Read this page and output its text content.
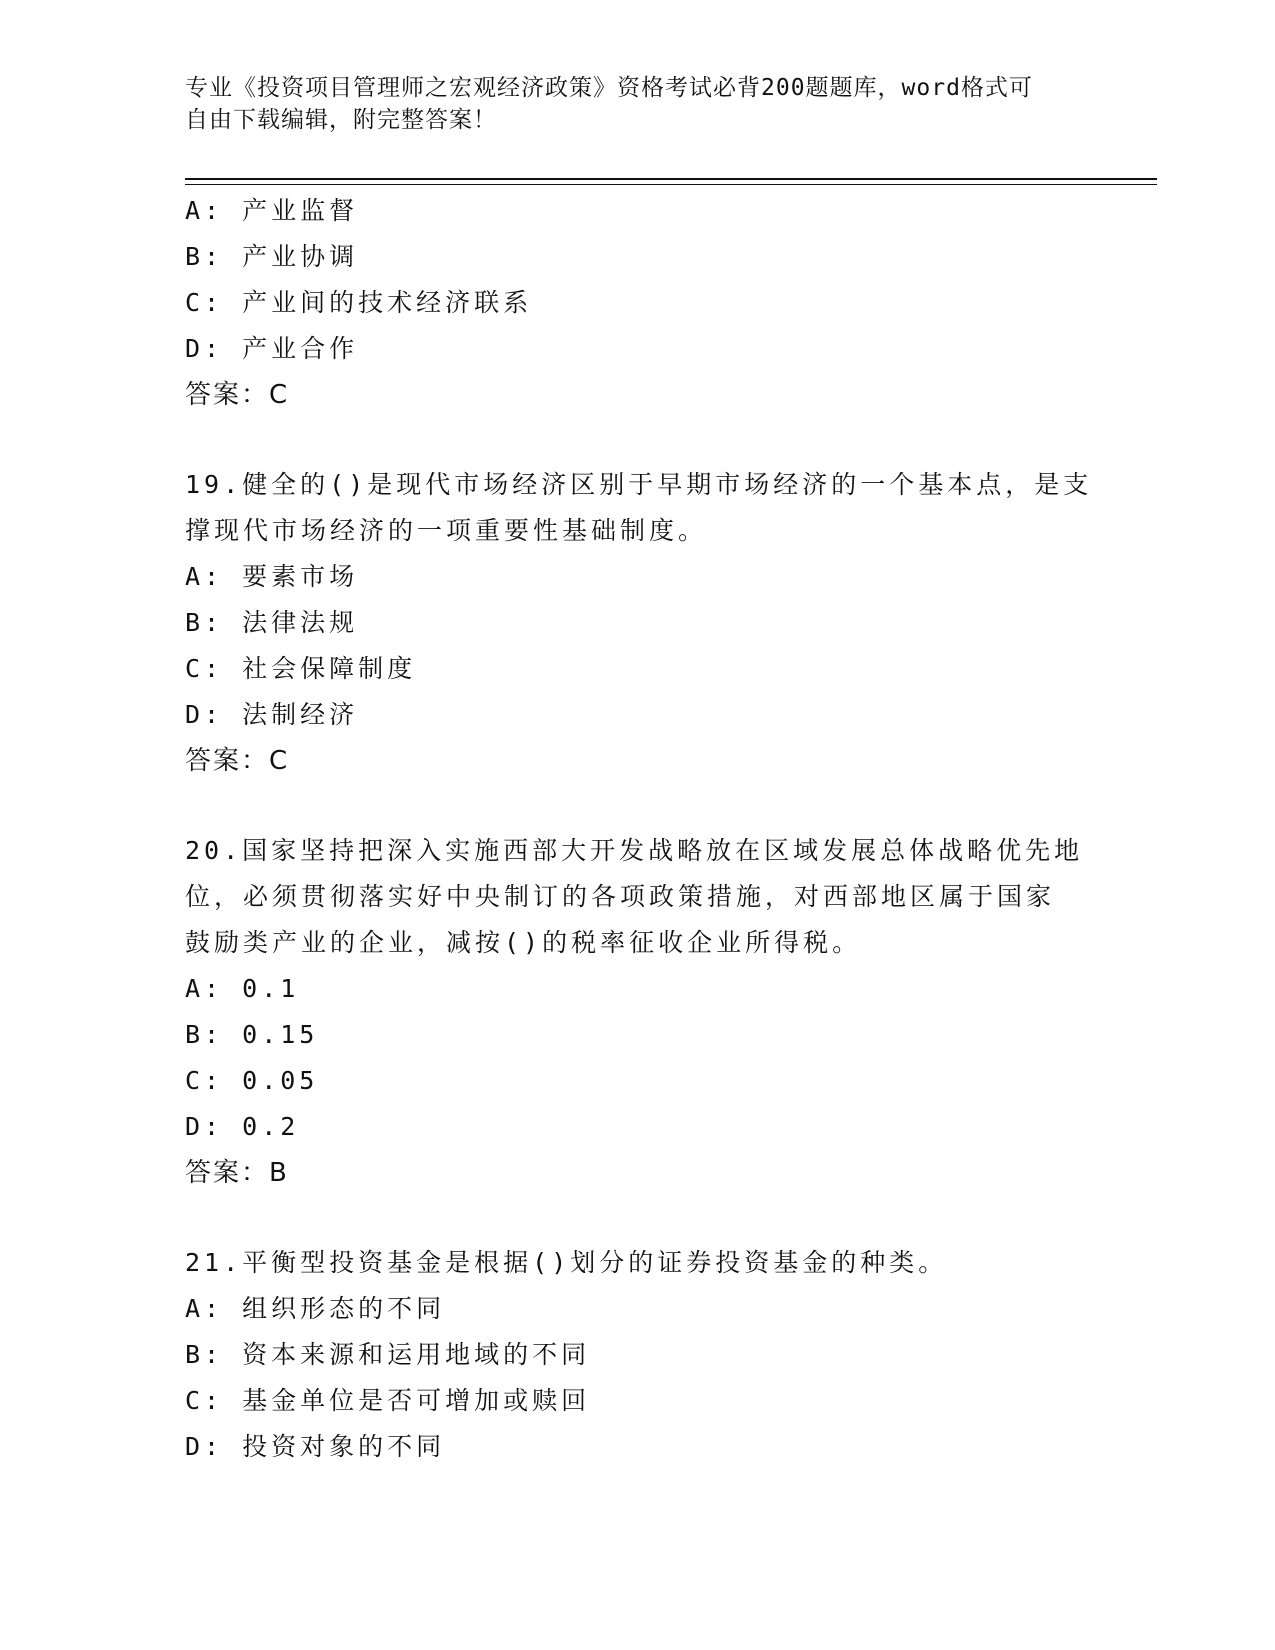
专业《投资项目管理师之宏观经济政策》资格考试必背200题题库，word格式可
自由下载编辑，附完整答案！
A: 产业监督
B: 产业协调
C: 产业间的技术经济联系
D: 产业合作
答案：C
19.健全的()是现代市场经济区别于早期市场经济的一个基本点，是支
撑现代市场经济的一项重要性基础制度。
A: 要素市场
B: 法律法规
C: 社会保障制度
D: 法制经济
答案：C
20.国家坚持把深入实施西部大开发战略放在区域发展总体战略优先地
位，必须贯彻落实好中央制订的各项政策措施，对西部地区属于国家
鼓励类产业的企业，减按()的税率征收企业所得税。
A: 0.1
B: 0.15
C: 0.05
D: 0.2
答案：B
21.平衡型投资基金是根据()划分的证券投资基金的种类。
A: 组织形态的不同
B: 资本来源和运用地域的不同
C: 基金单位是否可增加或赎回
D: 投资对象的不同
